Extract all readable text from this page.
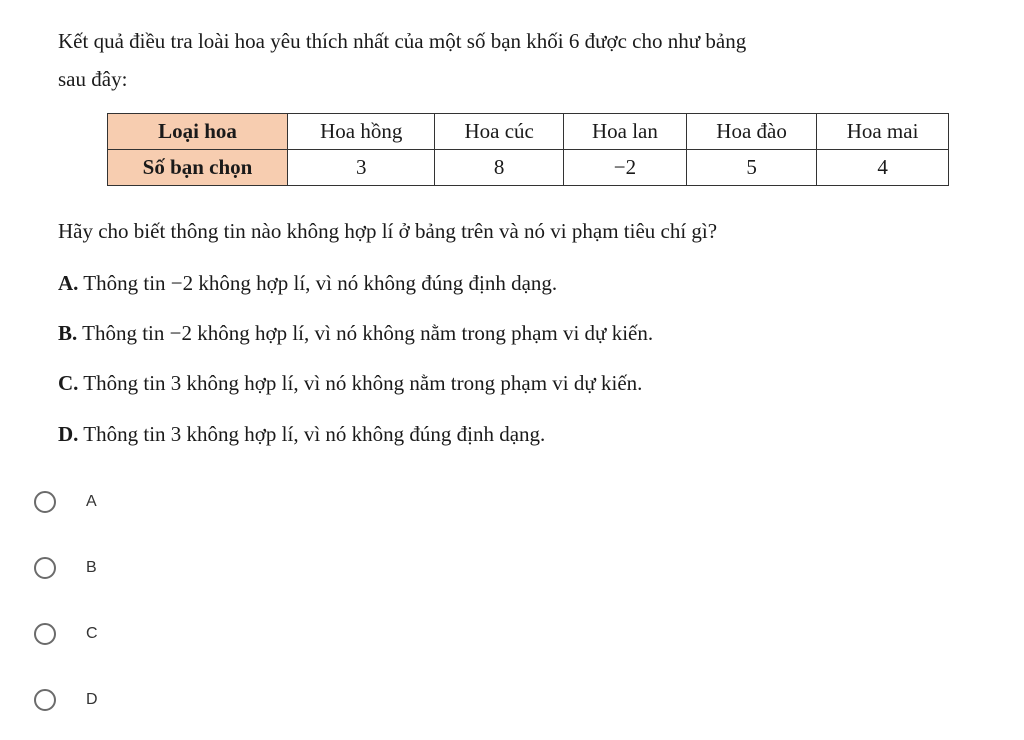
Kết quả điều tra loài hoa yêu thích nhất của một số bạn khối 6 được cho như bảng
sau đây:
Loại hoa	Hoa hồng	Hoa cúc	Hoa lan	Hoa đào	Hoa mai
Số bạn chọn	3	8	−2	5	4
Hãy cho biết thông tin nào không hợp lí ở bảng trên và nó vi phạm tiêu chí gì?
A. Thông tin −2 không hợp lí, vì nó không đúng định dạng.
B. Thông tin −2 không hợp lí, vì nó không nằm trong phạm vi dự kiến.
C. Thông tin 3 không hợp lí, vì nó không nằm trong phạm vi dự kiến.
D. Thông tin 3 không hợp lí, vì nó không đúng định dạng.
A
B
C
D
